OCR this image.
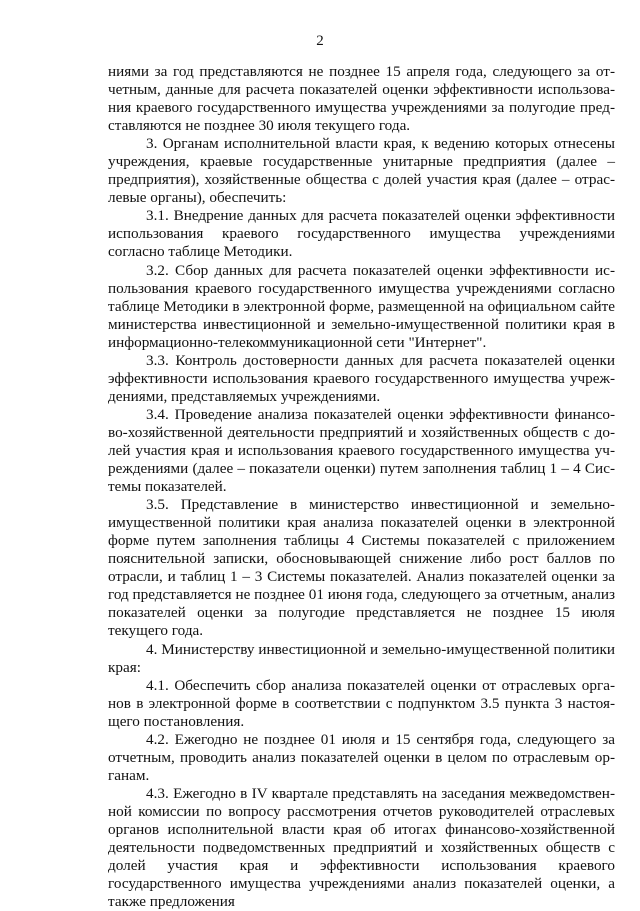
2

ниями за год представляются не позднее 15 апреля года, следующего за отчетным, данные для расчета показателей оценки эффективности использования краевого государственного имущества учреждениями за полугодие представляются не позднее 30 июля текущего года.

3. Органам исполнительной власти края, к ведению которых отнесены учреждения, краевые государственные унитарные предприятия (далее – предприятия), хозяйственные общества с долей участия края (далее – отраслевые органы), обеспечить:

3.1. Внедрение данных для расчета показателей оценки эффективности использования краевого государственного имущества учреждениями согласно таблице Методики.

3.2. Сбор данных для расчета показателей оценки эффективности использования краевого государственного имущества учреждениями согласно таблице Методики в электронной форме, размещенной на официальном сайте министерства инвестиционной и земельно-имущественной политики края в информационно-телекоммуникационной сети "Интернет".

3.3. Контроль достоверности данных для расчета показателей оценки эффективности использования краевого государственного имущества учреждениями, представляемых учреждениями.

3.4. Проведение анализа показателей оценки эффективности финансово-хозяйственной деятельности предприятий и хозяйственных обществ с долей участия края и использования краевого государственного имущества учреждениями (далее – показатели оценки) путем заполнения таблиц 1 – 4 Системы показателей.

3.5. Представление в министерство инвестиционной и земельно-имущественной политики края анализа показателей оценки в электронной форме путем заполнения таблицы 4 Системы показателей с приложением пояснительной записки, обосновывающей снижение либо рост баллов по отрасли, и таблиц 1 – 3 Системы показателей. Анализ показателей оценки за год представляется не позднее 01 июня года, следующего за отчетным, анализ показателей оценки за полугодие представляется не позднее 15 июля текущего года.

4. Министерству инвестиционной и земельно-имущественной политики края:

4.1. Обеспечить сбор анализа показателей оценки от отраслевых органов в электронной форме в соответствии с подпунктом 3.5 пункта 3 настоящего постановления.

4.2. Ежегодно не позднее 01 июля и 15 сентября года, следующего за отчетным, проводить анализ показателей оценки в целом по отраслевым органам.

4.3. Ежегодно в IV квартале представлять на заседания межведомственной комиссии по вопросу рассмотрения отчетов руководителей отраслевых органов исполнительной власти края об итогах финансово-хозяйственной деятельности подведомственных предприятий и хозяйственных обществ с долей участия края и эффективности использования краевого государственного имущества учреждениями анализ показателей оценки, а также предложения
